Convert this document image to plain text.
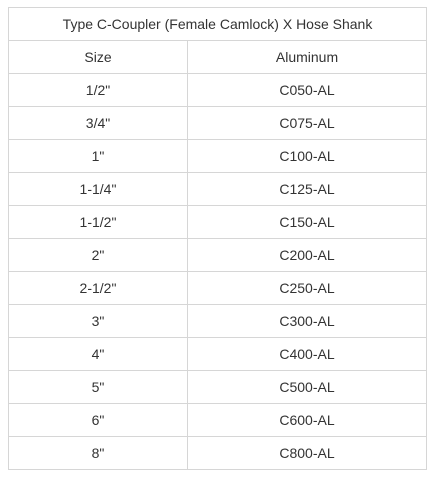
Type C-Coupler (Female Camlock) X Hose Shank	
Size	Aluminum
1/2"	C050-AL
3/4"	C075-AL
1"	C100-AL
1-1/4"	C125-AL
1-1/2"	C150-AL
2"	C200-AL
2-1/2"	C250-AL
3"	C300-AL
4"	C400-AL
5"	C500-AL
6"	C600-AL
8"	C800-AL
